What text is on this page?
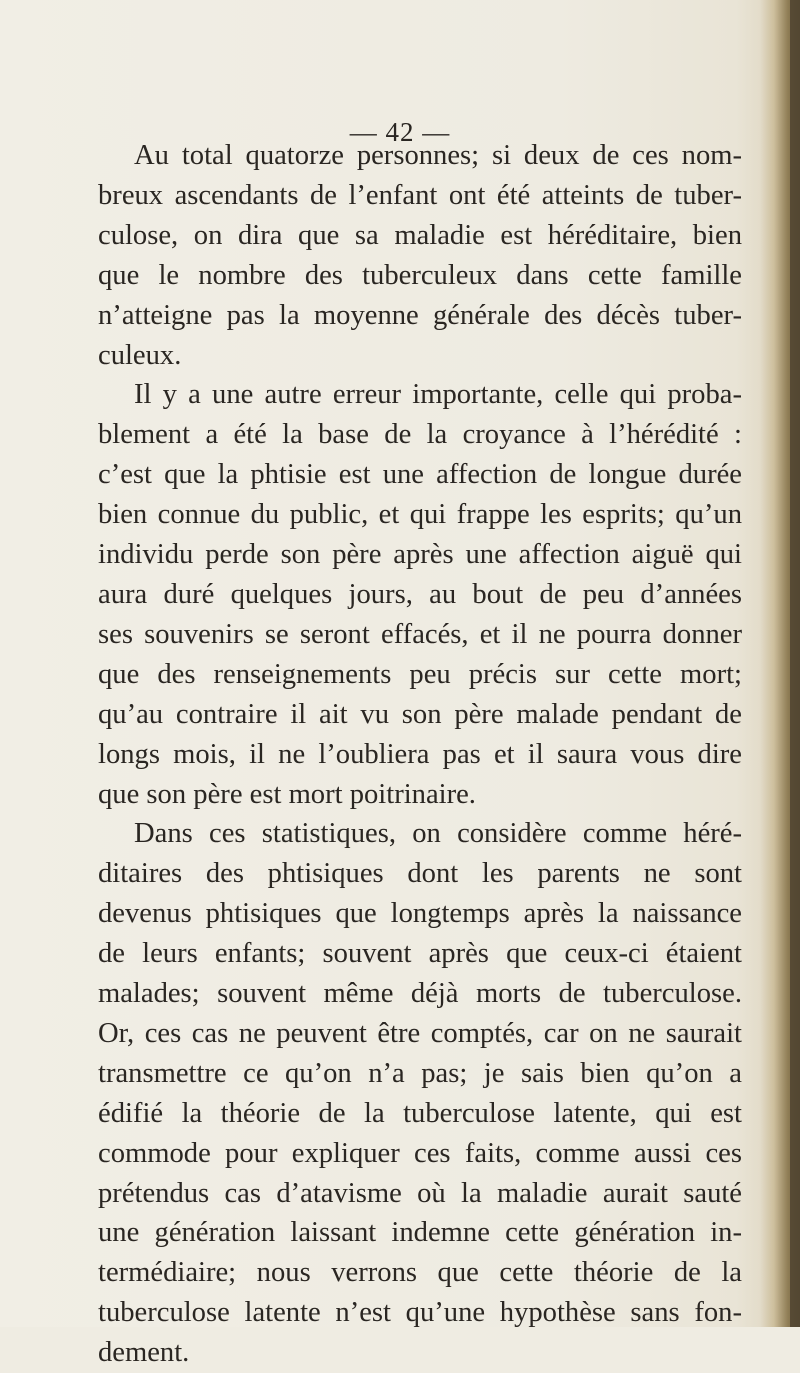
— 42 —
Au total quatorze personnes; si deux de ces nom-
breux ascendants de l’enfant ont été atteints de tuber-
culose, on dira que sa maladie est héréditaire, bien
que le nombre des tuberculeux dans cette famille
n’atteigne pas la moyenne générale des décès tuber-
culeux.
Il y a une autre erreur importante, celle qui proba-
blement a été la base de la croyance à l’hérédité :
c’est que la phtisie est une affection de longue durée
bien connue du public, et qui frappe les esprits; qu’un
individu perde son père après une affection aiguë qui
aura duré quelques jours, au bout de peu d’années
ses souvenirs se seront effacés, et il ne pourra donner
que des renseignements peu précis sur cette mort;
qu’au contraire il ait vu son père malade pendant de
longs mois, il ne l’oubliera pas et il saura vous dire
que son père est mort poitrinaire.
Dans ces statistiques, on considère comme héré-
ditaires des phtisiques dont les parents ne sont
devenus phtisiques que longtemps après la naissance
de leurs enfants; souvent après que ceux-ci étaient
malades; souvent même déjà morts de tuberculose.
Or, ces cas ne peuvent être comptés, car on ne saurait
transmettre ce qu’on n’a pas; je sais bien qu’on a
édifié la théorie de la tuberculose latente, qui est
commode pour expliquer ces faits, comme aussi ces
prétendus cas d’atavisme où la maladie aurait sauté
une génération laissant indemne cette génération in-
termédiaire; nous verrons que cette théorie de la
tuberculose latente n’est qu’une hypothèse sans fon-
dement.
